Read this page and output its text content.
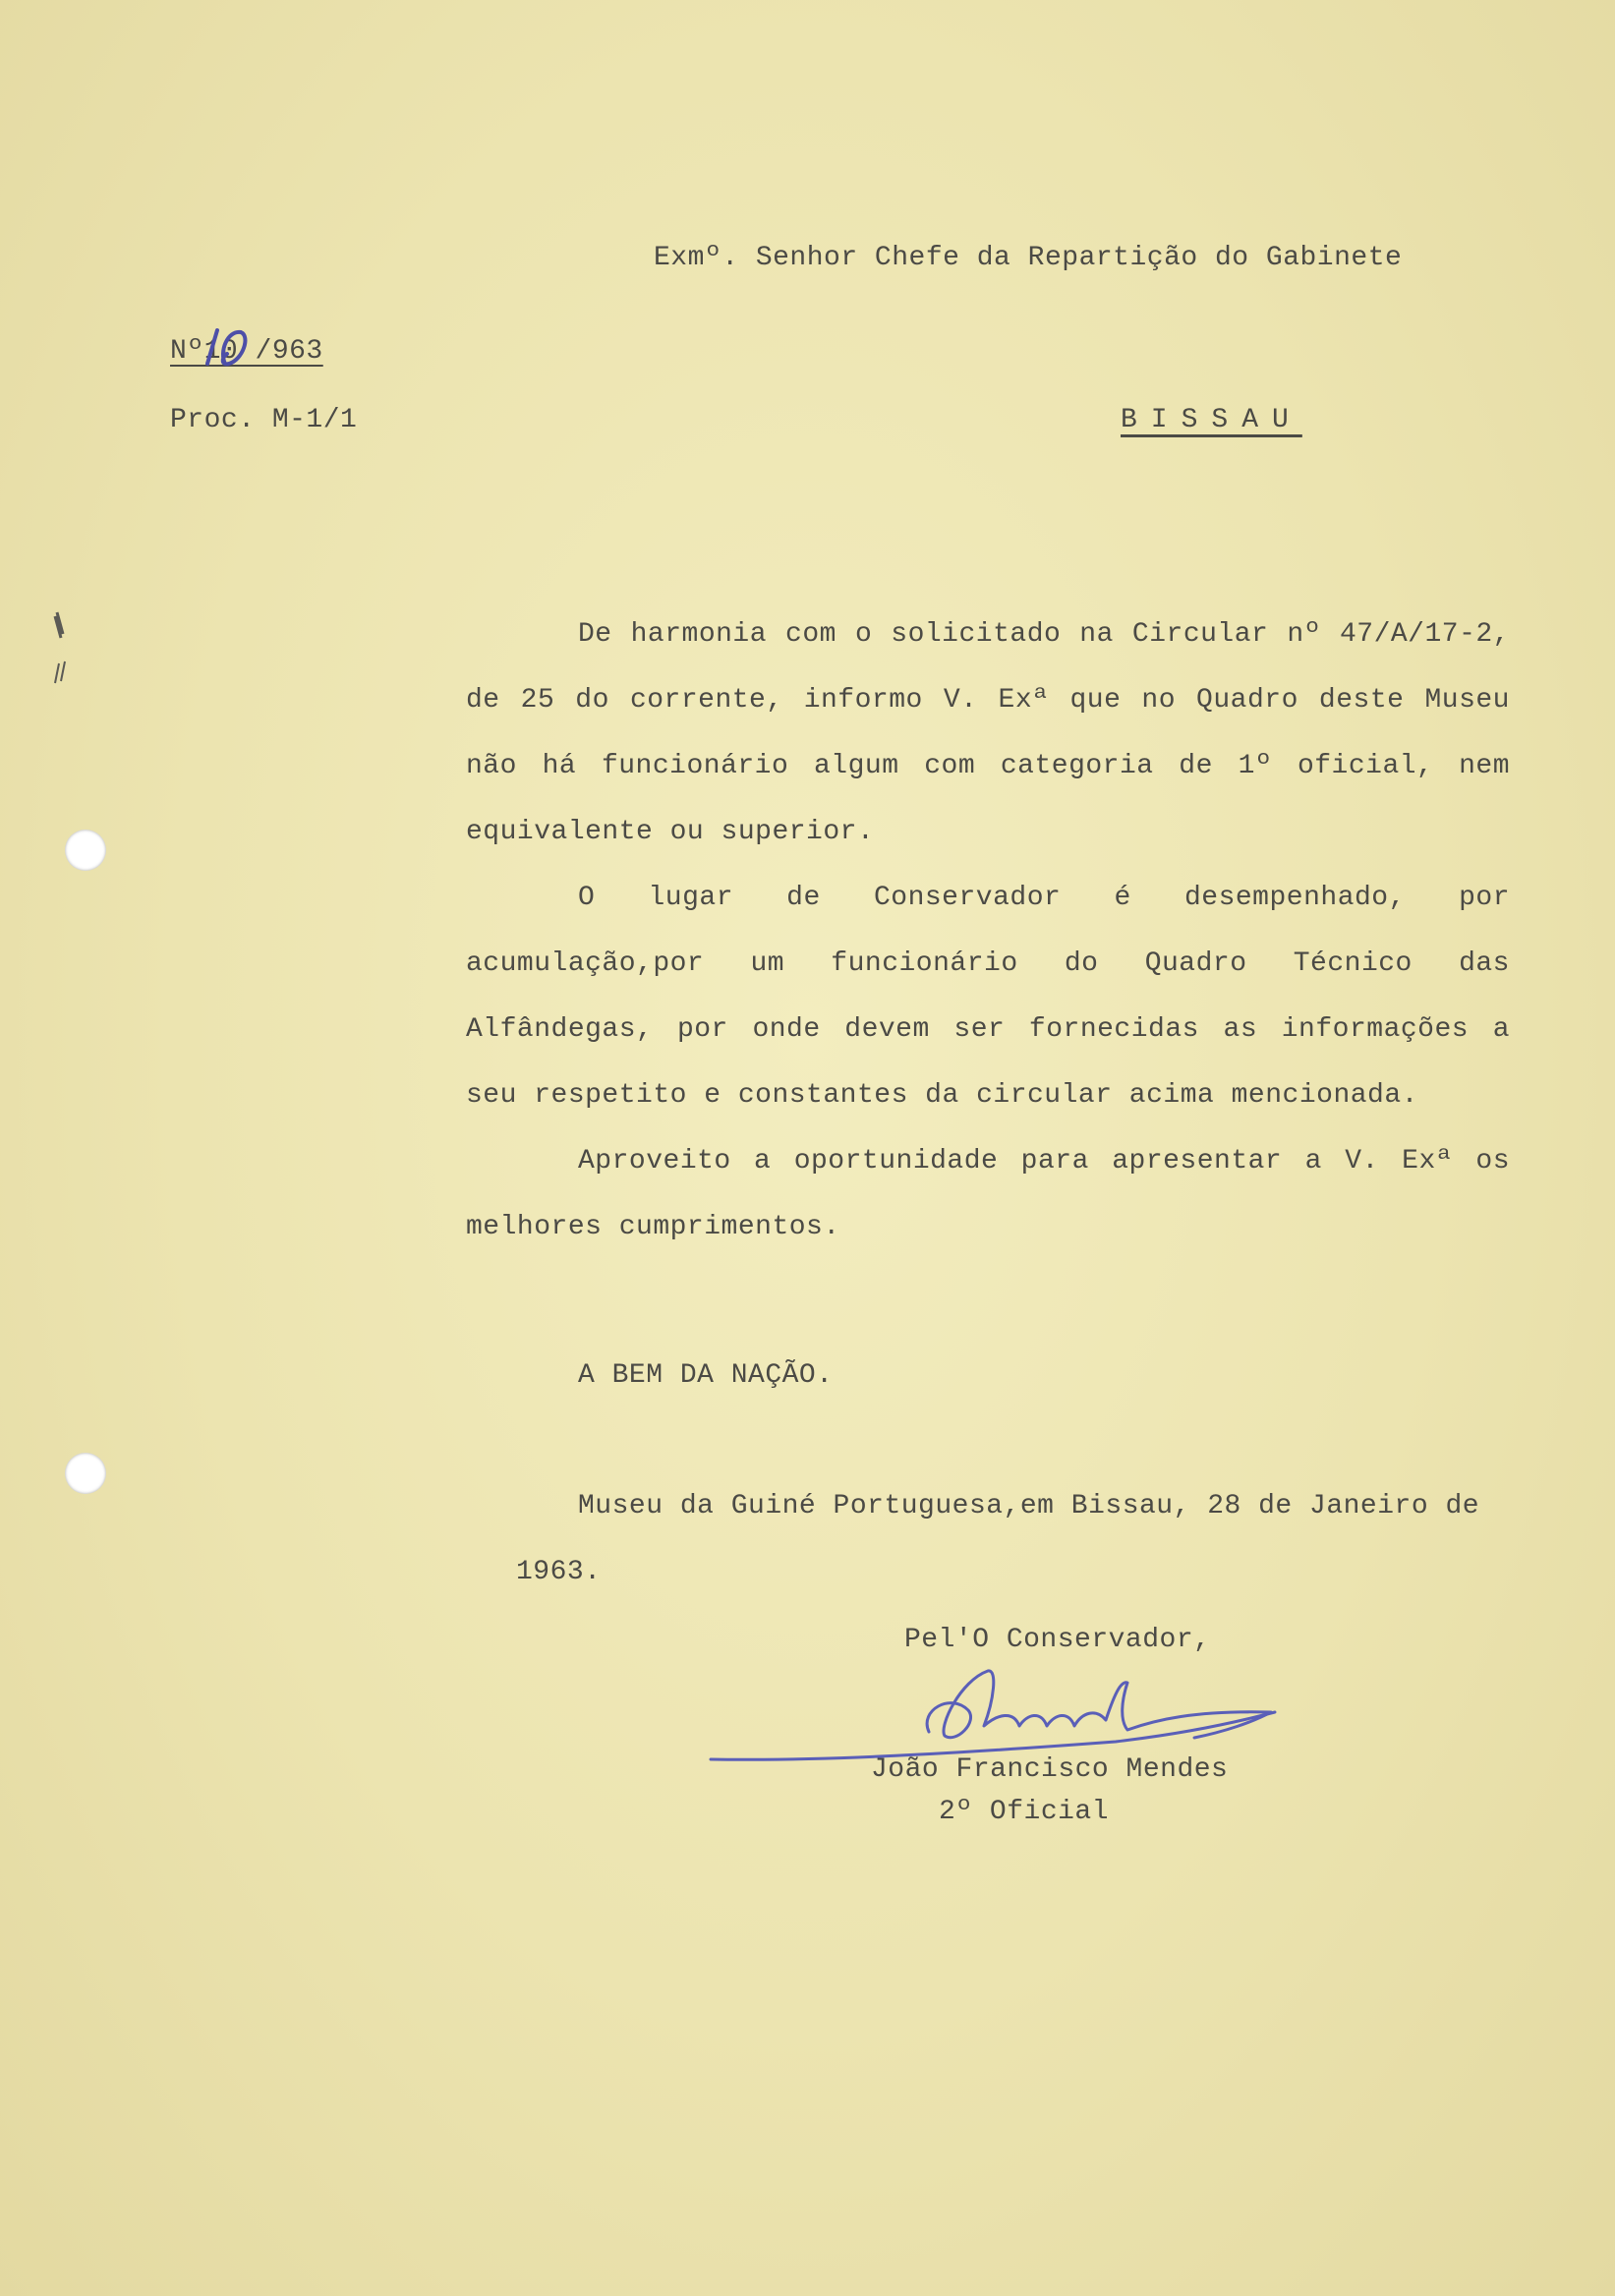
Exmº. Senhor Chefe da Repartição do Gabinete
Nº10 /963
Proc. M-1/1	BISSAU

De harmonia com o solicitado na Circular nº 47/A/17-2, de 25 do corrente, informo V. Exª que no Quadro deste Museu não há funcionário algum com categoria de 1º oficial, nem equivalente ou superior.

O lugar de Conservador é desempenhado, por acumulação,por um funcionário do Quadro Técnico das Alfândegas, por onde devem ser fornecidas as informações a seu respetito e constantes da circular acima mencionada.

Aproveito a oportunidade para apresentar a V. Exª os melhores cumprimentos.

A BEM DA NAÇÃO.
Museu da Guiné Portuguesa,em Bissau, 28 de Janeiro de
1963.
Pel'O Conservador,
João Francisco Mendes
2º Oficial
